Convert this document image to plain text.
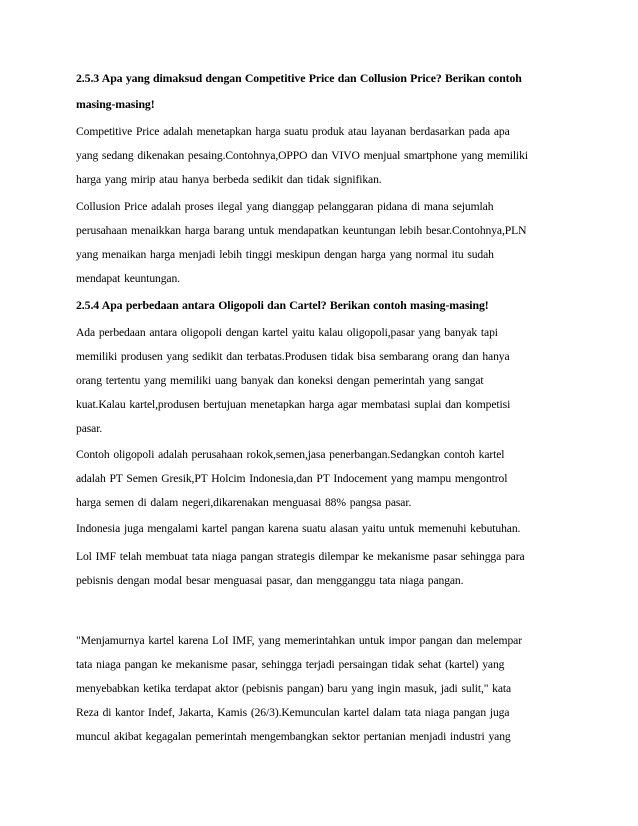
2.5.3 Apa yang dimaksud dengan Competitive Price dan Collusion Price? Berikan contoh
masing-masing!
Competitive Price adalah menetapkan harga suatu produk atau layanan berdasarkan pada apa
yang sedang dikenakan pesaing.Contohnya,OPPO dan VIVO menjual smartphone yang memiliki
harga yang mirip atau hanya berbeda sedikit dan tidak signifikan.
Collusion Price adalah proses ilegal yang dianggap pelanggaran pidana di mana sejumlah
perusahaan menaikkan harga barang untuk mendapatkan keuntungan lebih besar.Contohnya,PLN
yang menaikan harga menjadi lebih tinggi meskipun dengan harga yang normal itu sudah
mendapat keuntungan.
2.5.4 Apa perbedaan antara Oligopoli dan Cartel? Berikan contoh masing-masing!
Ada perbedaan antara oligopoli dengan kartel yaitu kalau oligopoli,pasar yang banyak tapi
memiliki produsen yang sedikit dan terbatas.Produsen tidak bisa sembarang orang dan hanya
orang tertentu yang memiliki uang banyak dan koneksi dengan pemerintah yang sangat
kuat.Kalau kartel,produsen bertujuan menetapkan harga agar membatasi suplai dan kompetisi
pasar.
Contoh oligopoli adalah perusahaan rokok,semen,jasa penerbangan.Sedangkan contoh kartel
adalah PT Semen Gresik,PT Holcim Indonesia,dan PT Indocement yang mampu mengontrol
harga semen di dalam negeri,dikarenakan menguasai 88% pangsa pasar.
Indonesia juga mengalami kartel pangan karena suatu alasan yaitu untuk memenuhi kebutuhan.
Lol IMF telah membuat tata niaga pangan strategis dilempar ke mekanisme pasar sehingga para
pebisnis dengan modal besar menguasai pasar, dan mengganggu tata niaga pangan.
"Menjamurnya kartel karena LoI IMF, yang memerintahkan untuk impor pangan dan melempar
tata niaga pangan ke mekanisme pasar, sehingga terjadi persaingan tidak sehat (kartel) yang
menyebabkan ketika terdapat aktor (pebisnis pangan) baru yang ingin masuk, jadi sulit," kata
Reza di kantor Indef, Jakarta, Kamis (26/3).Kemunculan kartel dalam tata niaga pangan juga
muncul akibat kegagalan pemerintah mengembangkan sektor pertanian menjadi industri yang
